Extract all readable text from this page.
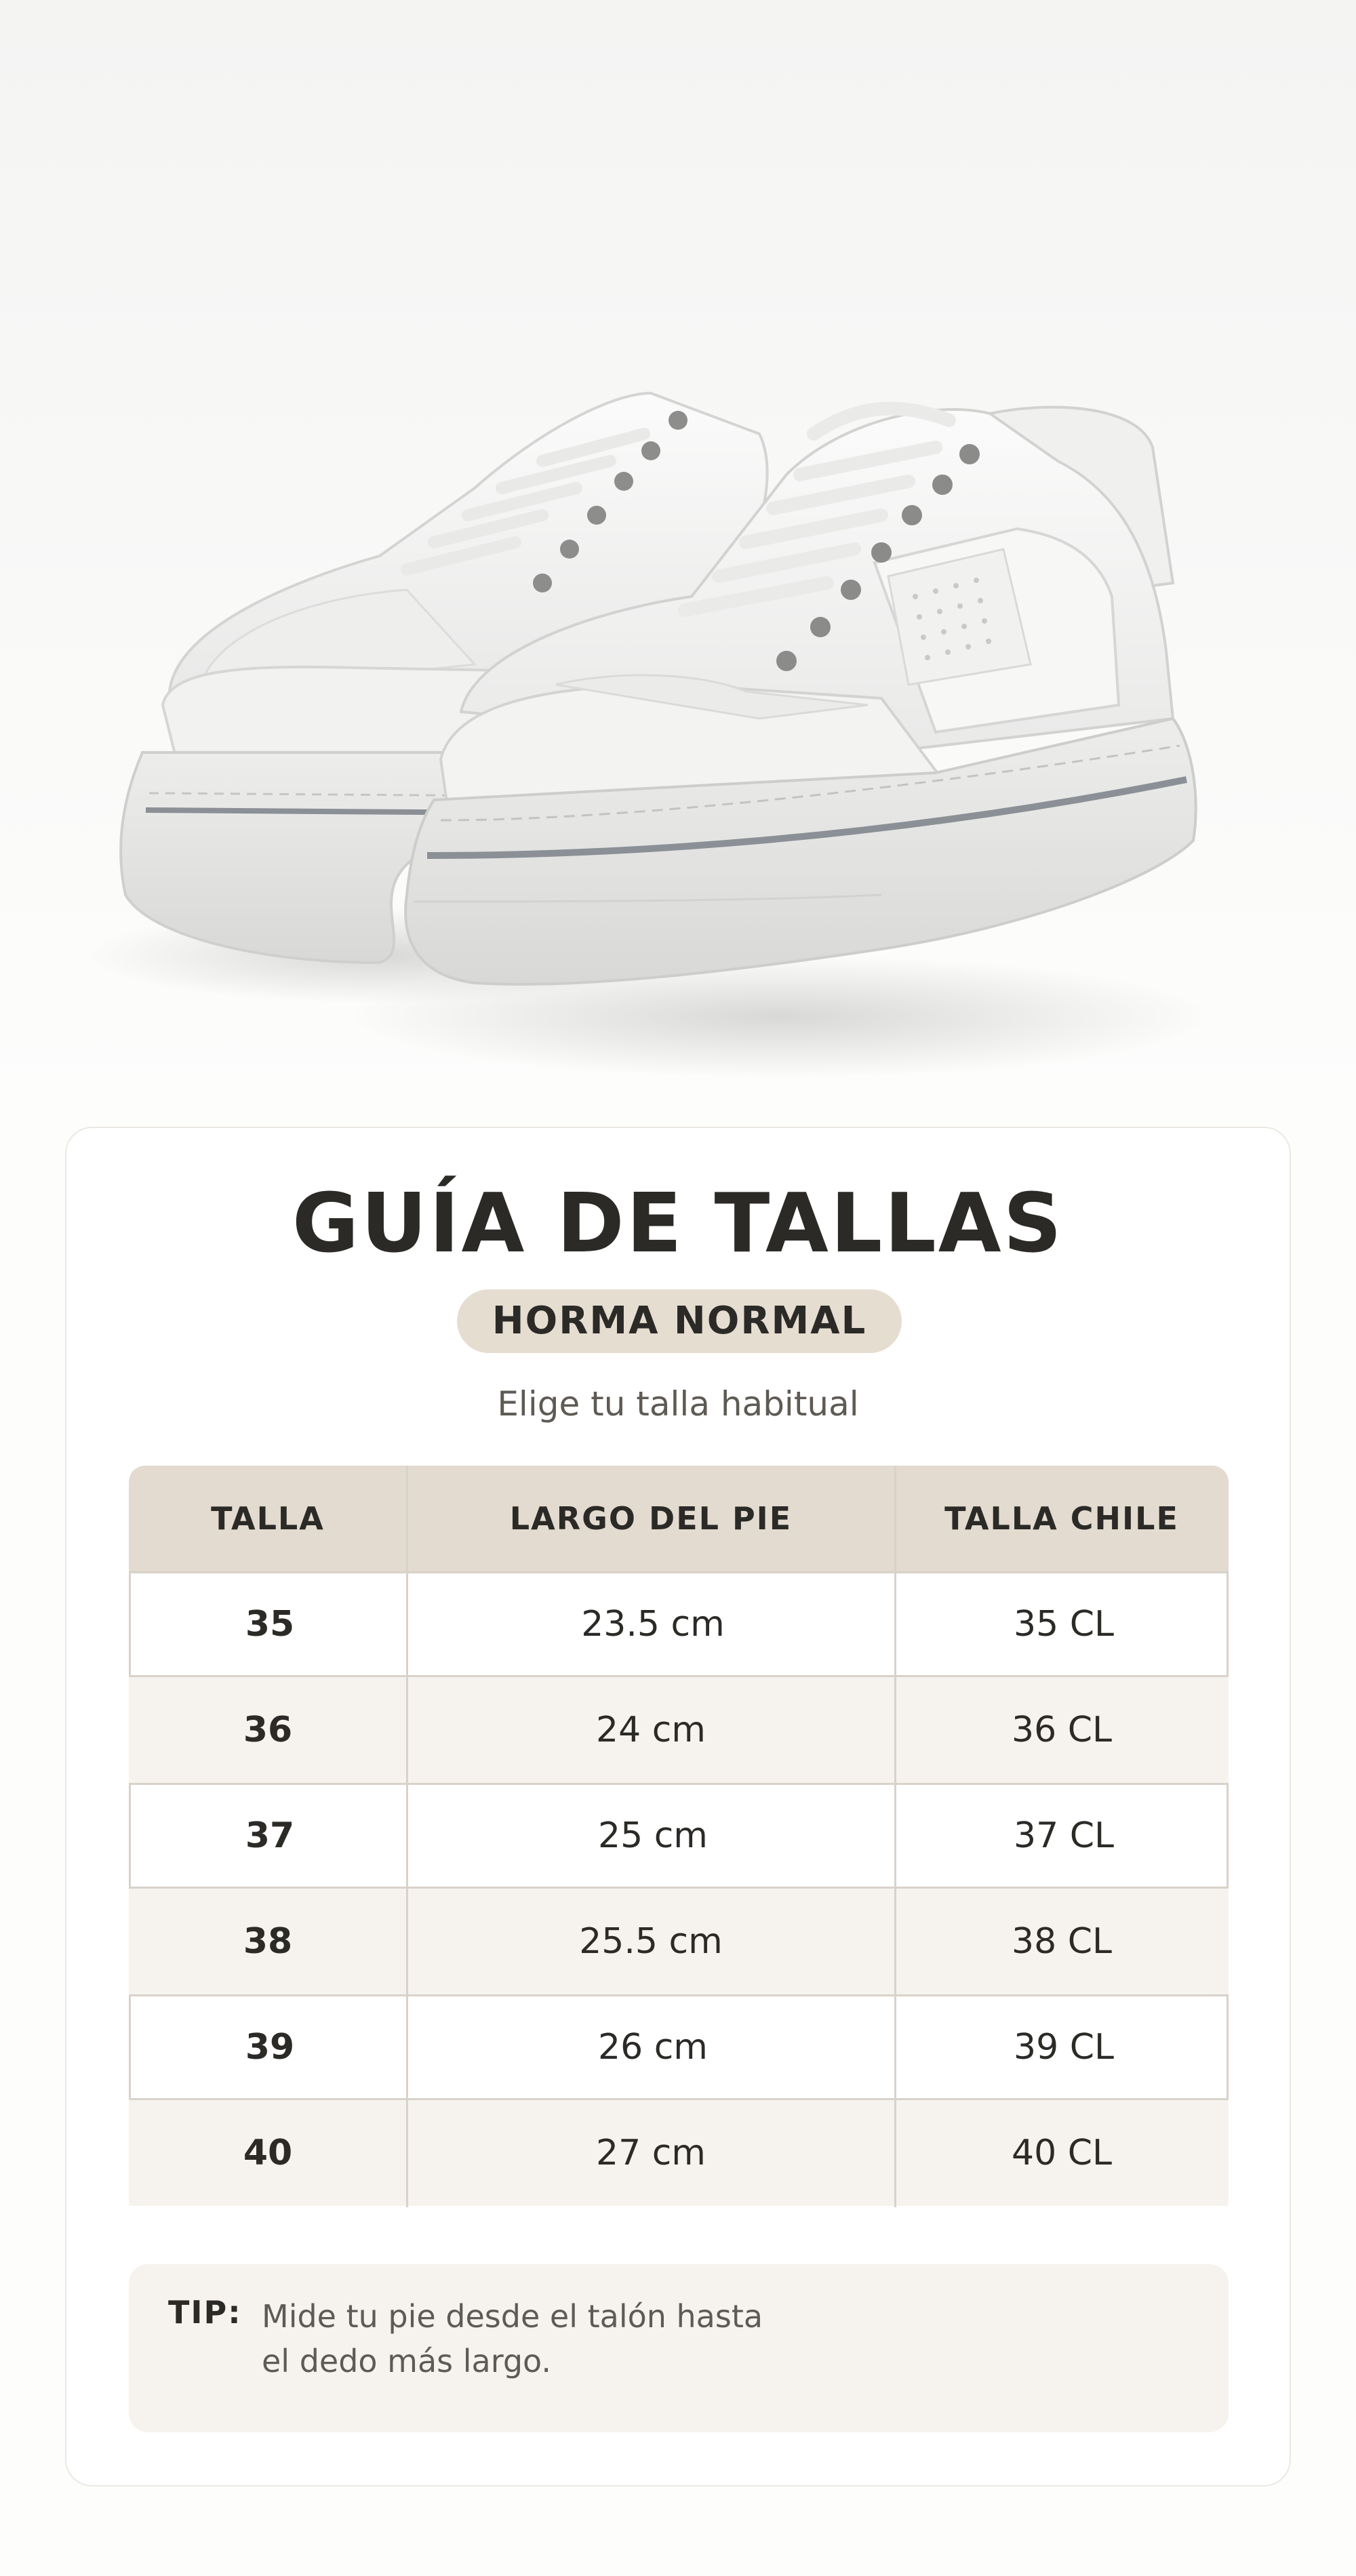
GUÍA DE TALLAS
HORMA NORMAL
Elige tu talla habitual
TALLA	LARGO DEL PIE	TALLA CHILE
35	23.5 cm	35 CL
36	24 cm	36 CL
37	25 cm	37 CL
38	25.5 cm	38 CL
39	26 cm	39 CL
40	27 cm	40 CL
TIP: Mide tu pie desde el talón hasta
el dedo más largo.
